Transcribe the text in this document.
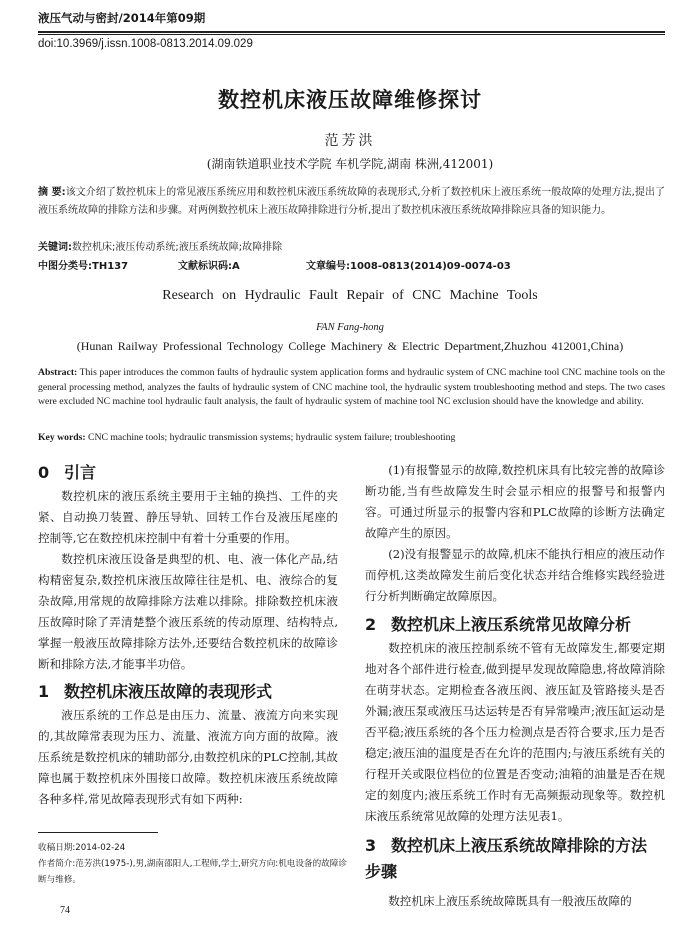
液压气动与密封/2014年第09期
doi:10.3969/j.issn.1008-0813.2014.09.029
数控机床液压故障维修探讨
范芳洪
(湖南铁道职业技术学院 车机学院,湖南 株洲,412001)
摘 要:该文介绍了数控机床上的常见液压系统应用和数控机床液压系统故障的表现形式,分析了数控机床上液压系统一般故障的处理方法,提出了液压系统故障的排除方法和步骤。对两例数控机床上液压故障排除进行分析,提出了数控机床液压系统故障排除应具备的知识能力。
关键词:数控机床;液压传动系统;液压系统故障;故障排除
中图分类号:TH137	文献标识码:A	文章编号:1008-0813(2014)09-0074-03
Research on Hydraulic Fault Repair of CNC Machine Tools
FAN Fang-hong
(Hunan Railway Professional Technology College Machinery & Electric Department,Zhuzhou 412001,China)
Abstract: This paper introduces the common faults of hydraulic system application forms and hydraulic system of CNC machine tool CNC machine tools on the general processing method, analyzes the faults of hydraulic system of CNC machine tool, the hydraulic system troubleshooting method and steps. The two cases were excluded NC machine tool hydraulic fault analysis, the fault of hydraulic system of machine tool NC exclusion should have the knowledge and ability.
Key words: CNC machine tools; hydraulic transmission systems; hydraulic system failure; troubleshooting
0 引言

数控机床的液压系统主要用于主轴的换挡、工件的夹紧、自动换刀装置、静压导轨、回转工作台及液压尾座的控制等,它在数控机床控制中有着十分重要的作用。

数控机床液压设备是典型的机、电、液一体化产品,结构精密复杂,数控机床液压故障往往是机、电、液综合的复杂故障,用常规的故障排除方法难以排除。排除数控机床液压故障时除了弄清楚整个液压系统的传动原理、结构特点,掌握一般液压故障排除方法外,还要结合数控机床的故障诊断和排除方法,才能事半功倍。

1 数控机床液压故障的表现形式

液压系统的工作总是由压力、流量、液流方向来实现的,其故障常表现为压力、流量、液流方向方面的故障。液压系统是数控机床的辅助部分,由数控机床的PLC控制,其故障也属于数控机床外围接口故障。数控机床液压系统故障各种多样,常见故障表现形式有如下两种:

收稿日期:2014-02-24
作者简介:范芳洪(1975-),男,湖南邵阳人,工程师,学士,研究方向:机电设备的故障诊断与维修。
74

(1)有报警显示的故障,数控机床具有比较完善的故障诊断功能,当有些故障发生时会显示相应的报警号和报警内容。可通过所显示的报警内容和PLC故障的诊断方法确定故障产生的原因。

(2)没有报警显示的故障,机床不能执行相应的液压动作而停机,这类故障发生前后变化状态并结合维修实践经验进行分析判断确定故障原因。

2 数控机床上液压系统常见故障分析

数控机床的液压控制系统不管有无故障发生,都要定期地对各个部件进行检查,做到提早发现故障隐患,将故障消除在萌芽状态。定期检查各液压阀、液压缸及管路接头是否外漏;液压泵或液压马达运转是否有异常噪声;液压缸运动是否平稳;液压系统的各个压力检测点是否符合要求,压力是否稳定;液压油的温度是否在允许的范围内;与液压系统有关的行程开关或限位档位的位置是否变动;油箱的油量是否在规定的刻度内;液压系统工作时有无高频振动现象等。数控机床液压系统常见故障的处理方法见表1。

3 数控机床上液压系统故障排除的方法
步骤

数控机床上液压系统故障既具有一般液压故障的
